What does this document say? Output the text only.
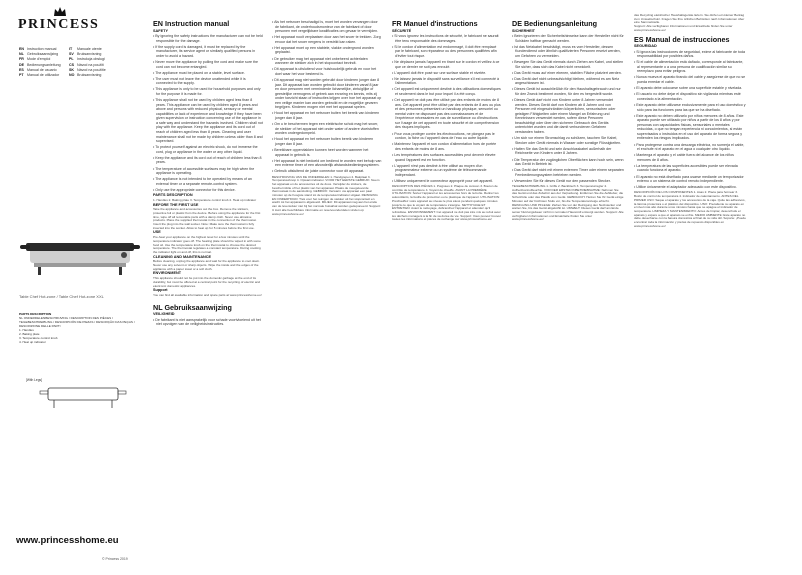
PRINCESS
EN Instruction manual
NL Gebruiksaanwijzing
FR Mode d'emploi
DE Bedienungsanleitung
ES Manual de usuario
PT Manual de utilizador
IT Manuale utente
SV Bruksanvisning
PL Instrukcja obsługi
CS Návod na použití
SK Návod na použitie
NO Bruksanvisning
Table Chef Hot-zone / Table Chef Hot-zone XXL
PARTS DESCRIPTION
NL ONDERDELENBESCHRIJVING / DESCRIPTION DES PIÈCES / TEILEBESCHREIBUNG / DESCRIPCIÓN DE PIEZAS / DESCRIÇÃO DAS PEÇAS / DESCRIZIONE DELLE PARTI
1. Handles
2. Baking plate
3. Temperature control knob
4. Heat up indicator
[With Legs]
www.princesshome.eu
© Princess 2019
EN Instruction manual
SAFETY

• By ignoring the safety instructions the manufacturer can not be held responsible for the damage.

• If the supply cord is damaged, it must be replaced by the manufacturer, its service agent or similarly qualified persons in order to avoid a hazard.

• Never move the appliance by pulling the cord and make sure the cord can not become entangled.

• The appliance must be placed on a stable, level surface.

• The user must not leave the device unattended while it is connected to the supply.

• This appliance is only to be used for household purposes and only for the purpose it is made for.

• This appliance shall not be used by children aged less than 8 years. This appliance can be used by children aged 8 years and above and persons with reduced physical, sensory or mental capabilities or lack of experience and knowledge if they have been given supervision or instruction concerning use of the appliance in a safe way and understand the hazards involved. Children shall not play with the appliance. Keep the appliance and its cord out of reach of children aged less than 8 years. Cleaning and user maintenance shall not be made by children unless older than 8 and supervised.

• To protect yourself against an electric shock, do not immerse the cord, plug or appliance in the water or any other liquid.

• Keep the appliance and its cord out of reach of children less than 8 years.

• The temperature of accessible surfaces may be high when the appliance is operating.

• The appliance is not intended to be operated by means of an external timer or a separate remote-control system.

• Only use the appropriate connector for this device.

PARTS DESCRIPTION

1. Handles 2. Baking plate 3. Temperature control knob 4. Heat up indicator

BEFORE THE FIRST USE

Take the appliance and accessories out the box. Remove the stickers, protective foil or plastic from the device. Before using the appliance for the first time, wipe off all removable parts with a damp cloth. Never use abrasive products. Place the supplied thermostat in the connection of the thermostat. Insert the plug into the wall socket. Note: Make sure the thermostat is fully inserted into the socket. Allow to heat up for 5 minutes before the first use.

USE

Pre-heat your appliance on the highest level for a few minutes until the temperature indicator goes off. The heating plate should be wiped in with some food oil. Use the temperature knob on the thermostat to choose the desired temperature. The thermostat regulates a constant temperature. During cooking the indicator light on and off, this is normal.

CLEANING AND MAINTENANCE

Before cleaning, unplug the appliance and wait for the appliance to cool down. Never use any solvent or sharp objects. Wipe the inside and the edges of the appliance with a paper towel or a soft cloth.

ENVIRONMENT

This appliance should not be put into the domestic garbage at the end of its durability, but must be offered at a central point for the recycling of electric and electronic domestic appliances.

Support

You can find all available information and spare parts at www.princesshome.eu!

NL Gebruiksaanwijzing
VEILIGHEID

• De fabrikant is niet aansprakelijk voor schade voortvloeiend uit het niet opvolgen van de veiligheidsinstructies.

• Als het netsnoer beschadigd is, moet het worden vervangen door de fabrikant, de onderhoudsmonteur van de fabrikant of door personen met vergelijkbare kwalificaties om gevaar te vermijden.

• Het apparaat nooit verplaatsen door aan het snoer te trekken. Zorg ervoor dat het snoer nergens in verstrikt kan raken.

• Het apparaat moet op een stabiele, vlakke ondergrond worden geplaatst.

• De gebruiker mag het apparaat niet onbeheerd achterlaten wanneer de stekker zich in het stopcontact bevindt.

• Dit apparaat is uitsluitend voor huishoudelijk gebruik en voor het doel waar het voor bestemd is.

• Dit apparaat mag niet worden gebruikt door kinderen jonger dan 8 jaar. Dit apparaat kan worden gebruikt door kinderen vanaf 8 jaar en door personen met verminderde lichamelijke, zintuiglijke of geestelijke vermogens of gebrek aan ervaring en kennis, mits zij onder toezicht staan of instructies krijgen over hoe het apparaat op een veilige manier kan worden gebruikt en de mogelijke gevaren begrijpen. Kinderen mogen niet met het apparaat spelen.

• Houd het apparaat en het netsnoer buiten het bereik van kinderen jonger dan 8 jaar.

• Om u te beschermen tegen een elektrische schok mag het snoer, de stekker of het apparaat niet onder water of andere vloeistoffen worden ondergedompeld.

• Houd het apparaat en het netsnoer buiten bereik van kinderen jonger dan 8 jaar.

• Bereikbare oppervlakken kunnen heet worden wanneer het apparaat in gebruik is.

• Het apparaat is niet bedoeld om bediend te worden met behulp van een externe timer of een afzonderlijk afstandsbedieningssysteem.

• Gebruik uitsluitend de juiste connector voor dit apparaat.

BESCHRIJVING VAN DE ONDERDELEN 1. Handgrepen 2. Bakplaat 3. Temperatuurknop 4. Opwarmindicator. VOOR HET EERSTE GEBRUIK: Neem het apparaat en de accessoires uit de doos. Verwijder de stickers, de beschermfolie of het plastic van het apparaat. Plaats de meegeleverde thermostaat in de aansluiting. GEBRUIK: Verwarm uw apparaat een paar minuten op de hoogste stand tot de temperatuurindicator uitgaat. REINIGING EN ONDERHOUD: Trek voor het reinigen de stekker uit het stopcontact en wacht tot het apparaat is afgekoeld. MILIEU: Dit apparaat mag aan het einde van de levensduur niet bij het normale huisafval worden gedeponeerd. Support: U kunt alle beschikbare informatie en reserveonderdelen vinden op www.princesshome.eu!
FR Manuel d'instructions
SÉCURITÉ

• Si vous ignorez les instructions de sécurité, le fabricant ne saurait être tenu responsable des dommages.

• Si le cordon d'alimentation est endommagé, il doit être remplacé par le fabricant, son réparateur ou des personnes qualifiées afin d'éviter tout risque.

• Ne déplacez jamais l'appareil en tirant sur le cordon et veillez à ce que ce dernier ne soit pas enroulé.

• L'appareil doit être posé sur une surface stable et nivelée.

• Ne laissez jamais le dispositif sans surveillance s'il est connecté à l'alimentation.

• Cet appareil est uniquement destiné à des utilisations domestiques et seulement dans le but pour lequel il a été conçu.

• Cet appareil ne doit pas être utilisé par des enfants de moins de 8 ans. Cet appareil peut être utilisé par des enfants de 8 ans ou plus et des personnes présentant un handicap physique, sensoriel ou mental voire ne disposant pas des connaissances et de l'expérience nécessaires en cas de surveillance ou d'instructions sur l'usage de cet appareil en toute sécurité et de compréhension des risques impliqués.

• Pour vous protéger contre les électrocutions, ne plongez pas le cordon, la fiche ou l'appareil dans de l'eau ou autre liquide.

• Maintenez l'appareil et son cordon d'alimentation hors de portée des enfants de moins de 8 ans.

• Les températures des surfaces accessibles peut devenir élevée quand l'appareil est en fonction.

• L'appareil n'est pas destiné à être utilisé au moyen d'un programmateur externe ou un système de télécommande indépendant.

• Utilisez uniquement le connecteur approprié pour cet appareil.

DESCRIPTION DES PIÈCES 1. Poignées 2. Plaque de cuisson 3. Bouton de contrôle de température 4. Voyant de chauffe. AVANT LA PREMIÈRE UTILISATION: Sortez l'appareil et les accessoires hors de la boîte. Retirez les autocollants, la feuille de protection ou le plastique de l'appareil. UTILISATION: Préchauffez votre appareil au niveau le plus élevé pendant quelques minutes jusqu'à ce que le voyant de température s'éteigne. NETTOYAGE ET ENTRETIEN: Avant le nettoyage, débranchez l'appareil et attendez qu'il refroidisse. ENVIRONNEMENT: Cet appareil ne doit pas être mis au rebut avec les déchets ménagers à la fin de sa durée de vie. Support: Vous pouvez trouver toutes les informations et pièces de rechange sur www.princesshome.eu!
DE Bedienungsanleitung
SICHERHEIT

• Beim Ignorieren der Sicherheitshinweise kann der Hersteller nicht für Schäden haftbar gemacht werden.

• Ist das Netzkabel beschädigt, muss es vom Hersteller, dessen Kundendienst oder ähnlich qualifizierten Personen ersetzt werden, um Gefahren zu vermeiden.

• Bewegen Sie das Gerät niemals durch Ziehen am Kabel, und stellen Sie sicher, dass sich das Kabel nicht verwickelt.

• Das Gerät muss auf einer ebenen, stabilen Fläche platziert werden.

• Das Gerät darf nicht unbeaufsichtigt bleiben, während es am Netz angeschlossen ist.

• Dieses Gerät ist ausschließlich für den Haushaltsgebrauch und nur für den Zweck bestimmt worden, für den es hergestellt wurde.

• Dieses Gerät darf nicht von Kindern unter 8 Jahren verwendet werden. Dieses Gerät darf von Kindern ab 8 Jahren und von Personen mit eingeschränkten körperlichen, sensorischen oder geistigen Fähigkeiten oder einem Mangel an Erfahrung und Kenntnissen verwendet werden, sofern diese Personen beaufsichtigt oder über den sicheren Gebrauch des Geräts unterrichtet wurden und die damit verbundenen Gefahren verstanden haben.

• Um sich vor einem Stromschlag zu schützen, tauchen Sie Kabel, Stecker oder Gerät niemals in Wasser oder sonstige Flüssigkeiten.

• Halten Sie das Gerät und sein Anschlusskabel außerhalb der Reichweite von Kindern unter 8 Jahren.

• Die Temperatur der zugänglichen Oberflächen kann hoch sein, wenn das Gerät in Betrieb ist.

• Das Gerät darf nicht mit einem externen Timer oder einem separaten Fernbedienungssystem betrieben werden.

• Verwenden Sie für dieses Gerät nur den passenden Stecker.

TEILEBESCHREIBUNG 1. Griffe 2. Backblech 3. Temperaturregler 4. Aufheizkontrollleuchte. VOR DER ERSTEN INBETRIEBNAHME: Nehmen Sie das Gerät und das Zubehör aus der Verpackung. Entfernen Sie die Aufkleber, die Schutzfolie oder das Plastik vom Gerät. GEBRAUCH: Heizen Sie Ihr Gerät einige Minuten auf der höchsten Stufe vor, bis die Temperaturanzeige erlischt. REINIGUNG UND PFLEGE: Ziehen Sie vor der Reinigung den Netzstecker und warten Sie, bis das Gerät abgekühlt ist. UMWELT: Dieses Gerät darf am Ende seiner Nutzungsdauer nicht im normalen Hausmüll entsorgt werden. Support: Alle verfügbaren Informationen und Ersatzteile finden Sie unter www.princesshome.eu!
das Recycling elektrischer Haushaltsgeräte liefern. Sie dürfen ein kleiner Beitrag zum Umweltschutz. Fragen Sie Ihre örtlichen Behörden nach Informationen über eine Sammelstelle.
Support: Alle verfügbaren Informationen und Ersatzteile finden Sie unter www.princesshome.eu!
ES Manual de instrucciones
SEGURIDAD

• Si ignora las instrucciones de seguridad, exime al fabricante de toda responsabilidad por posibles daños.

• Si el cable de alimentación está dañado, corresponde al fabricante, al representante o a una persona de cualificación similar su reemplazo para evitar peligros.

• Nunca mueva el aparato tirando del cable y asegúrese de que no se pueda enredar el cable.

• El aparato debe colocarse sobre una superficie estable y nivelada.

• El usuario no debe dejar el dispositivo sin vigilancia mientras esté conectado a la alimentación.

• Este aparato debe utilizarse exclusivamente para el uso doméstico y sólo para las funciones para las que se ha diseñado.

• Este aparato no deben utilizarlo por niños menores de 8 años. Este aparato puede ser utilizado por niños a partir de los 8 años y por personas con capacidades físicas, sensoriales o mentales reducidas, o que no tengan experiencia ni conocimientos, si están supervisados o instruidos en el uso del aparato de forma segura y entienden los riesgos implicados.

• Para protegerse contra una descarga eléctrica, no sumerja el cable, el enchufe ni el aparato en el agua o cualquier otro líquido.

• Mantenga el aparato y el cable fuera del alcance de los niños menores de 8 años.

• La temperatura de las superficies accesibles puede ser elevada cuando funciona el aparato.

• El aparato no está diseñado para usarse mediante un temporizador externo o un sistema de control remoto independiente.

• Utilice únicamente el adaptador adecuado con este dispositivo.

DESCRIPCIÓN DE LOS COMPONENTES 1. Asas 2. Placa para hornear 3. Botón de control de temperatura 4. Indicador de calentamiento. ANTES DEL PRIMER USO: Saque el aparato y los accesorios de la caja. Quite las adhesivos, la lámina protectora o el plástico del dispositivo. USO: Precaliente su aparato en el nivel más alto durante unos minutos hasta que se apague el indicador de temperatura. LIMPIEZA Y MANTENIMIENTO: Antes de limpiar, desenchufe el aparato y espere a que el aparato se enfríe. MEDIO AMBIENTE: Este aparato no debe desecharse con la basura doméstica al final de su vida útil. Soporte: ¡Puede encontrar toda la información y piezas de repuesto disponibles en www.princesshome.eu!
